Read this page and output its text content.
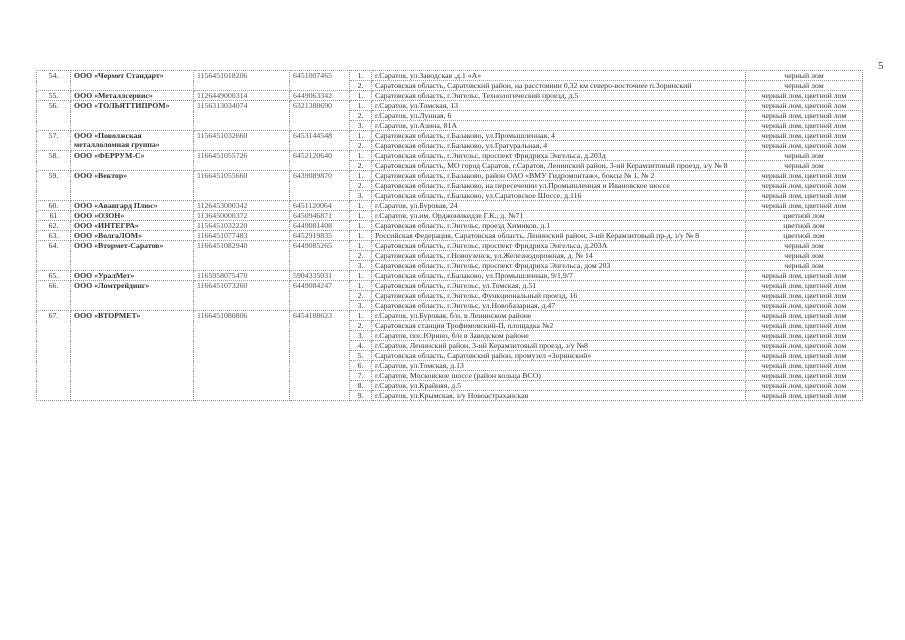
5
54.	ООО «Чермет Стандарт»	1156451018206	6451007465	1.	г.Саратов, ул.Заводская ,д.1 «А»	черный лом
				2.	Саратовская область, Саратовский район, на расстоянии 0,32 км северо-восточнее п.Зоринский	черный лом
55.	ООО «Металлсервис»	1126449000314	6449063342	1.	Саратовская область, г.Энгельс, Технологический проезд, д.5	черный лом, цветной лом
56.	ООО «ТОЛЬЯТТИПРОМ»	1156313034074	6321388690	1.	г.Саратов, ул.Томская, 13	черный лом, цветной лом
				2.	г.Саратов, ул.Лунная, 6	черный лом, цветной лом
				3.	г.Саратов, ул.Азина, 81А	черный лом, цветной лом
57.	ООО «Поволжская металлоломная группа»	1156451032660	6453144548	1.	Саратовская область, г.Балаково, ул.Промышленная, 4	черный лом, цветной лом
				2.	Саратовская область, г.Балаково, ул.Гратуральная, 4	черный лом, цветной лом
58.	ООО «ФЕРРУМ-С»	1166451055726	6452120640	1.	Саратовская область, г.Энгельс, проспект Фридриха Энгельса, д.203д	черный лом
				2.	Саратовская область, МО город Саратов, г.Саратов, Ленинский район, 3-ий Керамзитовый проезд, з/у № 8	черный лом
59.	ООО «Вектор»	1166451055660	6439089870	1.	Саратовская область, г.Балаково, район ОАО «ВМУ Гидромонтаж», боксы № 1, № 2	черный лом, цветной лом
				2.	Саратовская область, г.Балаково, на пересечении ул.Промышленная и Ивановское шоссе	черный лом, цветной лом
				3.	Саратовская область, г.Балаково, ул.Саратовское Шоссе, д.116	черный лом, цветной лом
60.	ООО «Авангард Плюс»	1126453000342	6451120064	1.	г.Саратов, ул.Буровая, 24	черный лом, цветной лом
61	ООО «ОЗОН»	1136450000372	6450946871	1.	г.Саратов, ул.им. Орджоникидзе Г.К., д. №71	цветной лом
62.	ООО «ИНТЕГРА»	1156451032220	6449081408	1.	Саратовская область, г.Энгельс, проезд Химиков, д.1	цветной лом
63.	ООО «ВолгаЛОМ»	1166451077483	6452919835	1.	Российская Федерация, Саратовская область, Ленинский район, 3-ий Керамзитовый пр-д, з/у № 8	цветной лом
64.	ООО «Втормет-Саратов»	1166451082940	6449085265	1.	Саратовская область, г.Энгельс, проспект Фридриха Энгельса, д.203А	черный лом
				2.	Саратовская область, г.Новоузенск, ул.Железнодорожная, д. № 14	черный лом
				3.	Саратовская область, г.Энгельс, проспект Фридриха Энгельса, дом 203	черный лом
65.	ООО «УралМет»	1165958075470	5904335031	1.	Саратовская область, г.Балаково, ул.Промышленная, 9/1,9/7	черный лом, цветной лом
66.	ООО «Ломтрейдинг»	1166451073260	6449084247	1.	Саратовская область, г.Энгельс, ул.Томская, д.51	черный лом, цветной лом
				2.	Саратовская область, г.Энгельс, Функциональный проезд, 16	черный лом, цветной лом
				3.	Саратовская область, г.Энгельс, ул.Новобазарная, д.47	черный лом, цветной лом
67.	ООО «ВТОРМЕТ»	1166451080806	6454108623	1.	г.Саратов, ул.Буровая, б/н, в Ленинском районе	черный лом, цветной лом
				2.	Саратовская станция Трофимовский-II, площадка №2	черный лом, цветной лом
				3.	г.Саратов, пос.Юрино, б/н в Заводском районе	черный лом, цветной лом
				4.	г.Саратов, Ленинский район, 3-ий Керамзитовый проезд, з/у №8	черный лом, цветной лом
				5.	Саратовская область, Саратовский район, промузел «Зоринский»	черный лом, цветной лом
				6.	г.Саратов, ул.Томская, д.13	черный лом, цветной лом
				7.	г.Саратов, Московское шоссе (район кольца ВСО)	черный лом, цветной лом
				8.	г.Саратов, ул.Крайняя, д.5	черный лом, цветной лом
				9.	г.Саратов, ул.Крымская, з/у Новоастраханская	черный лом, цветной лом
